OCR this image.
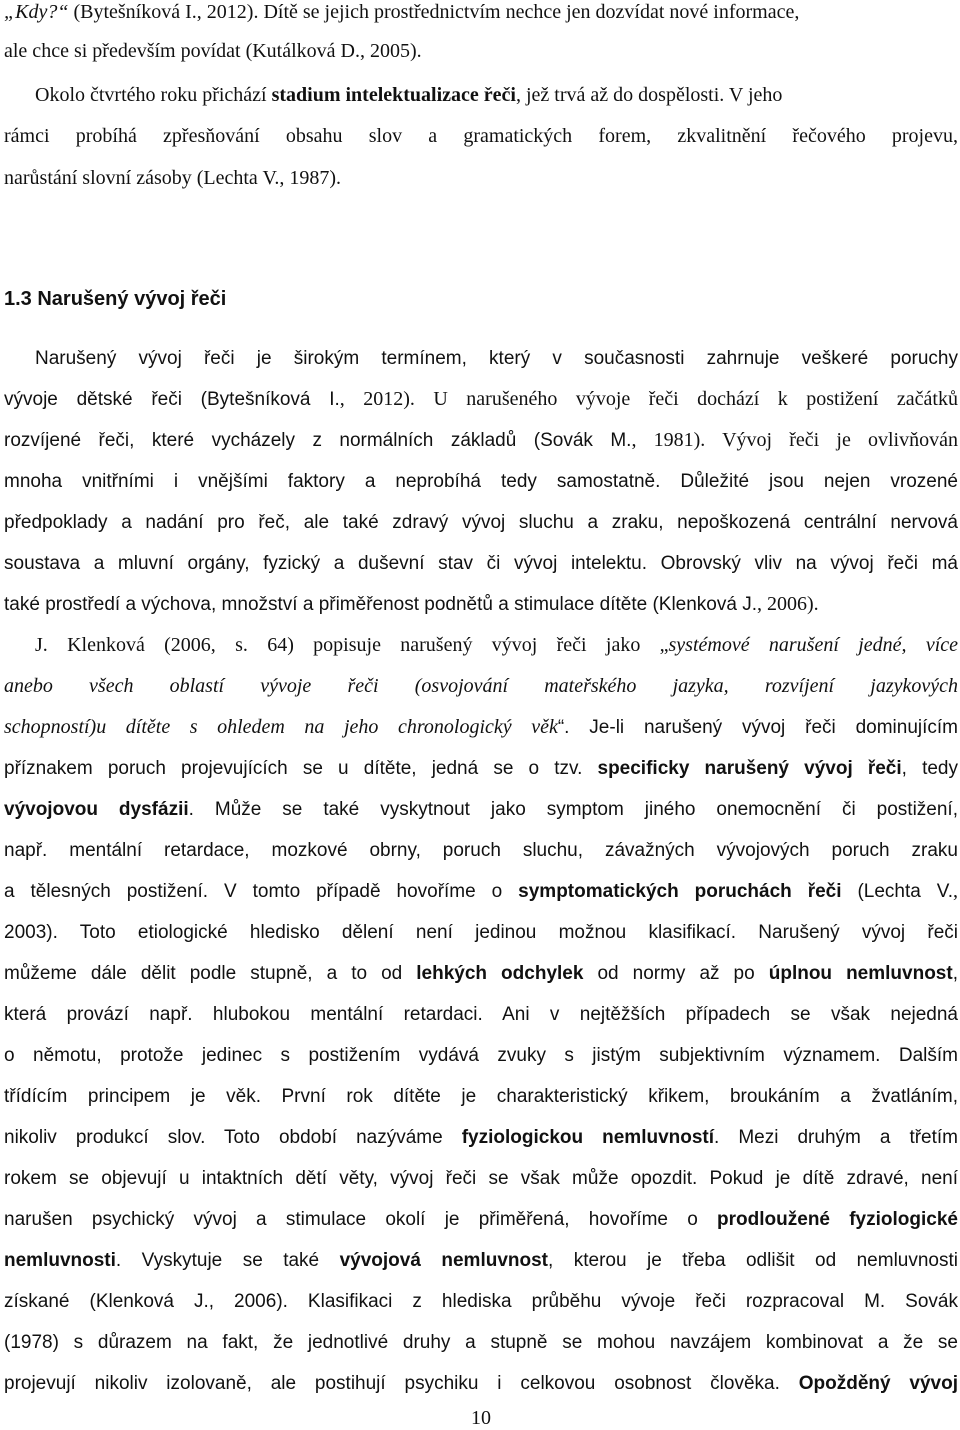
„Kdy?“ (Bytešníková I., 2012). Dítě se jejich prostřednictvím nechce jen dozvídat nové informace,
ale chce si především povídat (Kutálková D., 2005).
Okolo čtvrtého roku přichází stadium intelektualizace řeči, jež trvá až do dospělosti. V jeho
rámci probíhá zpřesňování obsahu slov a gramatických forem, zkvalitnění řečového projevu,
narůstání slovní zásoby (Lechta V., 1987).
1.3 Narušený vývoj řeči
Narušený vývoj řeči je širokým termínem, který v současnosti zahrnuje veškeré poruchy
vývoje dětské řeči (Bytešníková I., 2012). U narušeného vývoje řeči dochází k postižení začátků
rozvíjené řeči, které vycházely z normálních základů (Sovák M., 1981). Vývoj řeči je ovlivňován
mnoha vnitřními i vnějšími faktory a neprobíhá tedy samostatně. Důležité jsou nejen vrozené
předpoklady a nadání pro řeč, ale také zdravý vývoj sluchu a zraku, nepoškozená centrální nervová
soustava a mluvní orgány, fyzický a duševní stav či vývoj intelektu. Obrovský vliv na vývoj řeči má
také prostředí a výchova, množství a přiměřenost podnětů a stimulace dítěte (Klenková J., 2006).
J. Klenková (2006, s. 64) popisuje narušený vývoj řeči jako „systémové narušení jedné, více
anebo všech oblastí vývoje řeči (osvojování mateřského jazyka, rozvíjení jazykových
schopností)u dítěte s ohledem na jeho chronologický věk“. Je-li narušený vývoj řeči dominujícím
příznakem poruch projevujících se u dítěte, jedná se o tzv. specificky narušený vývoj řeči, tedy
vývojovou dysfázii. Může se také vyskytnout jako symptom jiného onemocnění či postižení,
např. mentální retardace, mozkové obrny, poruch sluchu, závažných vývojových poruch zraku
a tělesných postižení. V tomto případě hovoříme o symptomatických poruchách řeči (Lechta V.,
2003). Toto etiologické hledisko dělení není jedinou možnou klasifikací. Narušený vývoj řeči
můžeme dále dělit podle stupně, a to od lehkých odchylek od normy až po úplnou nemluvnost,
která provází např. hlubokou mentální retardaci. Ani v nejtěžších případech se však nejedná
o němotu, protože jedinec s postižením vydává zvuky s jistým subjektivním významem. Dalším
třídícím principem je věk. První rok dítěte je charakteristický křikem, broukáním a žvatláním,
nikoliv produkcí slov. Toto období nazýváme fyziologickou nemluvností. Mezi druhým a třetím
rokem se objevují u intaktních dětí věty, vývoj řeči se však může opozdit. Pokud je dítě zdravé, není
narušen psychický vývoj a stimulace okolí je přiměřená, hovoříme o prodloužené fyziologické
nemluvnosti. Vyskytuje se také vývojová nemluvnost, kterou je třeba odlišit od nemluvnosti
získané (Klenková J., 2006). Klasifikaci z hlediska průběhu vývoje řeči rozpracoval M. Sovák
(1978) s důrazem na fakt, že jednotlivé druhy a stupně se mohou navzájem kombinovat a že se
projevují nikoliv izolovaně, ale postihují psychiku i celkovou osobnost člověka. Opožděný vývoj
10
